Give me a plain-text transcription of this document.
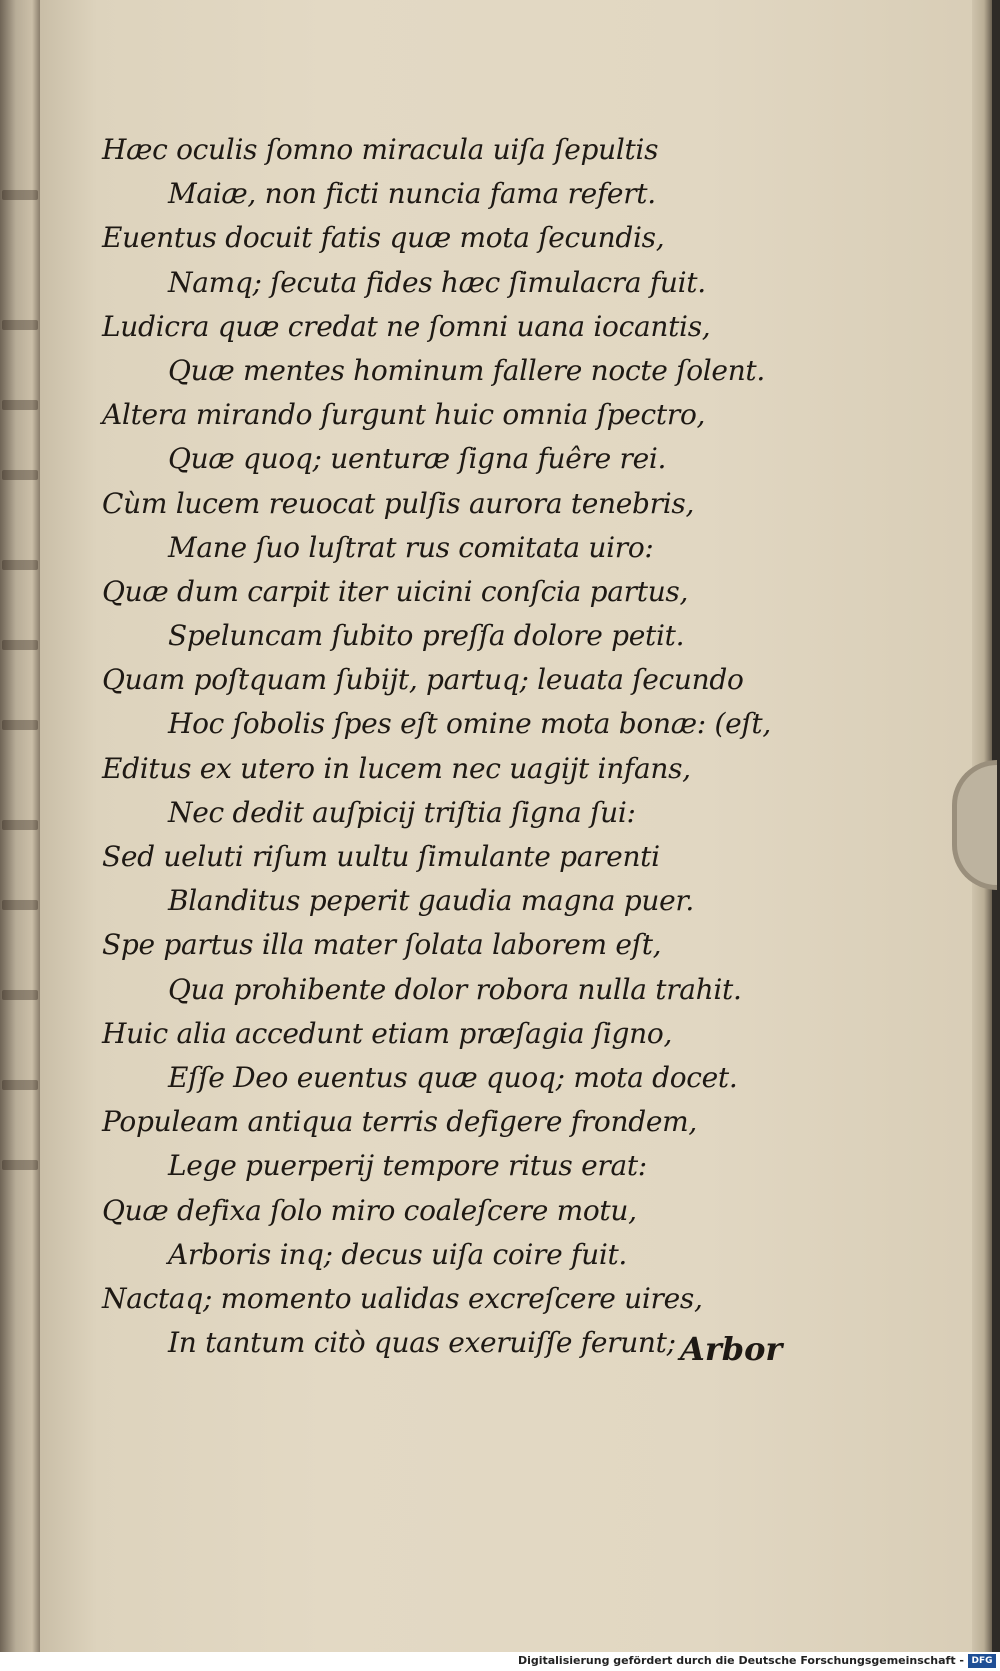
Hæc oculis ſomno miracula uiſa ſepultis
Maiæ, non ficti nuncia fama refert.
Euentus docuit fatis quæ mota ſecundis,
Namq; ſecuta fides hæc ſimulacra fuit.
Ludicra quæ credat ne ſomni uana iocantis,
Quæ mentes hominum fallere nocte ſolent.
Altera mirando ſurgunt huic omnia ſpectro,
Quæ quoq; uenturæ ſigna fuêre rei.
Cùm lucem reuocat pulſis aurora tenebris,
Mane ſuo luſtrat rus comitata uiro:
Quæ dum carpit iter uicini conſcia partus,
Speluncam ſubito preſſa dolore petit.
Quam poſtquam ſubijt, partuq; leuata ſecundo
Hoc ſobolis ſpes eſt omine mota bonæ: (eſt,
Editus ex utero in lucem nec uagijt infans,
Nec dedit auſpicij triſtia ſigna ſui:
Sed ueluti riſum uultu ſimulante parenti
Blanditus peperit gaudia magna puer.
Spe partus illa mater ſolata laborem eſt,
Qua prohibente dolor robora nulla trahit.
Huic alia accedunt etiam præſagia ſigno,
Eſſe Deo euentus quæ quoq; mota docet.
Populeam antiqua terris defigere frondem,
Lege puerperij tempore ritus erat:
Quæ defixa ſolo miro coaleſcere motu,
Arboris inq; decus uiſa coire fuit.
Nactaq; momento ualidas excreſcere uires,
In tantum citò quas exeruiſſe ferunt; Arbor
Digitalisierung gefördert durch die Deutsche Forschungsgemeinschaft - DFG
